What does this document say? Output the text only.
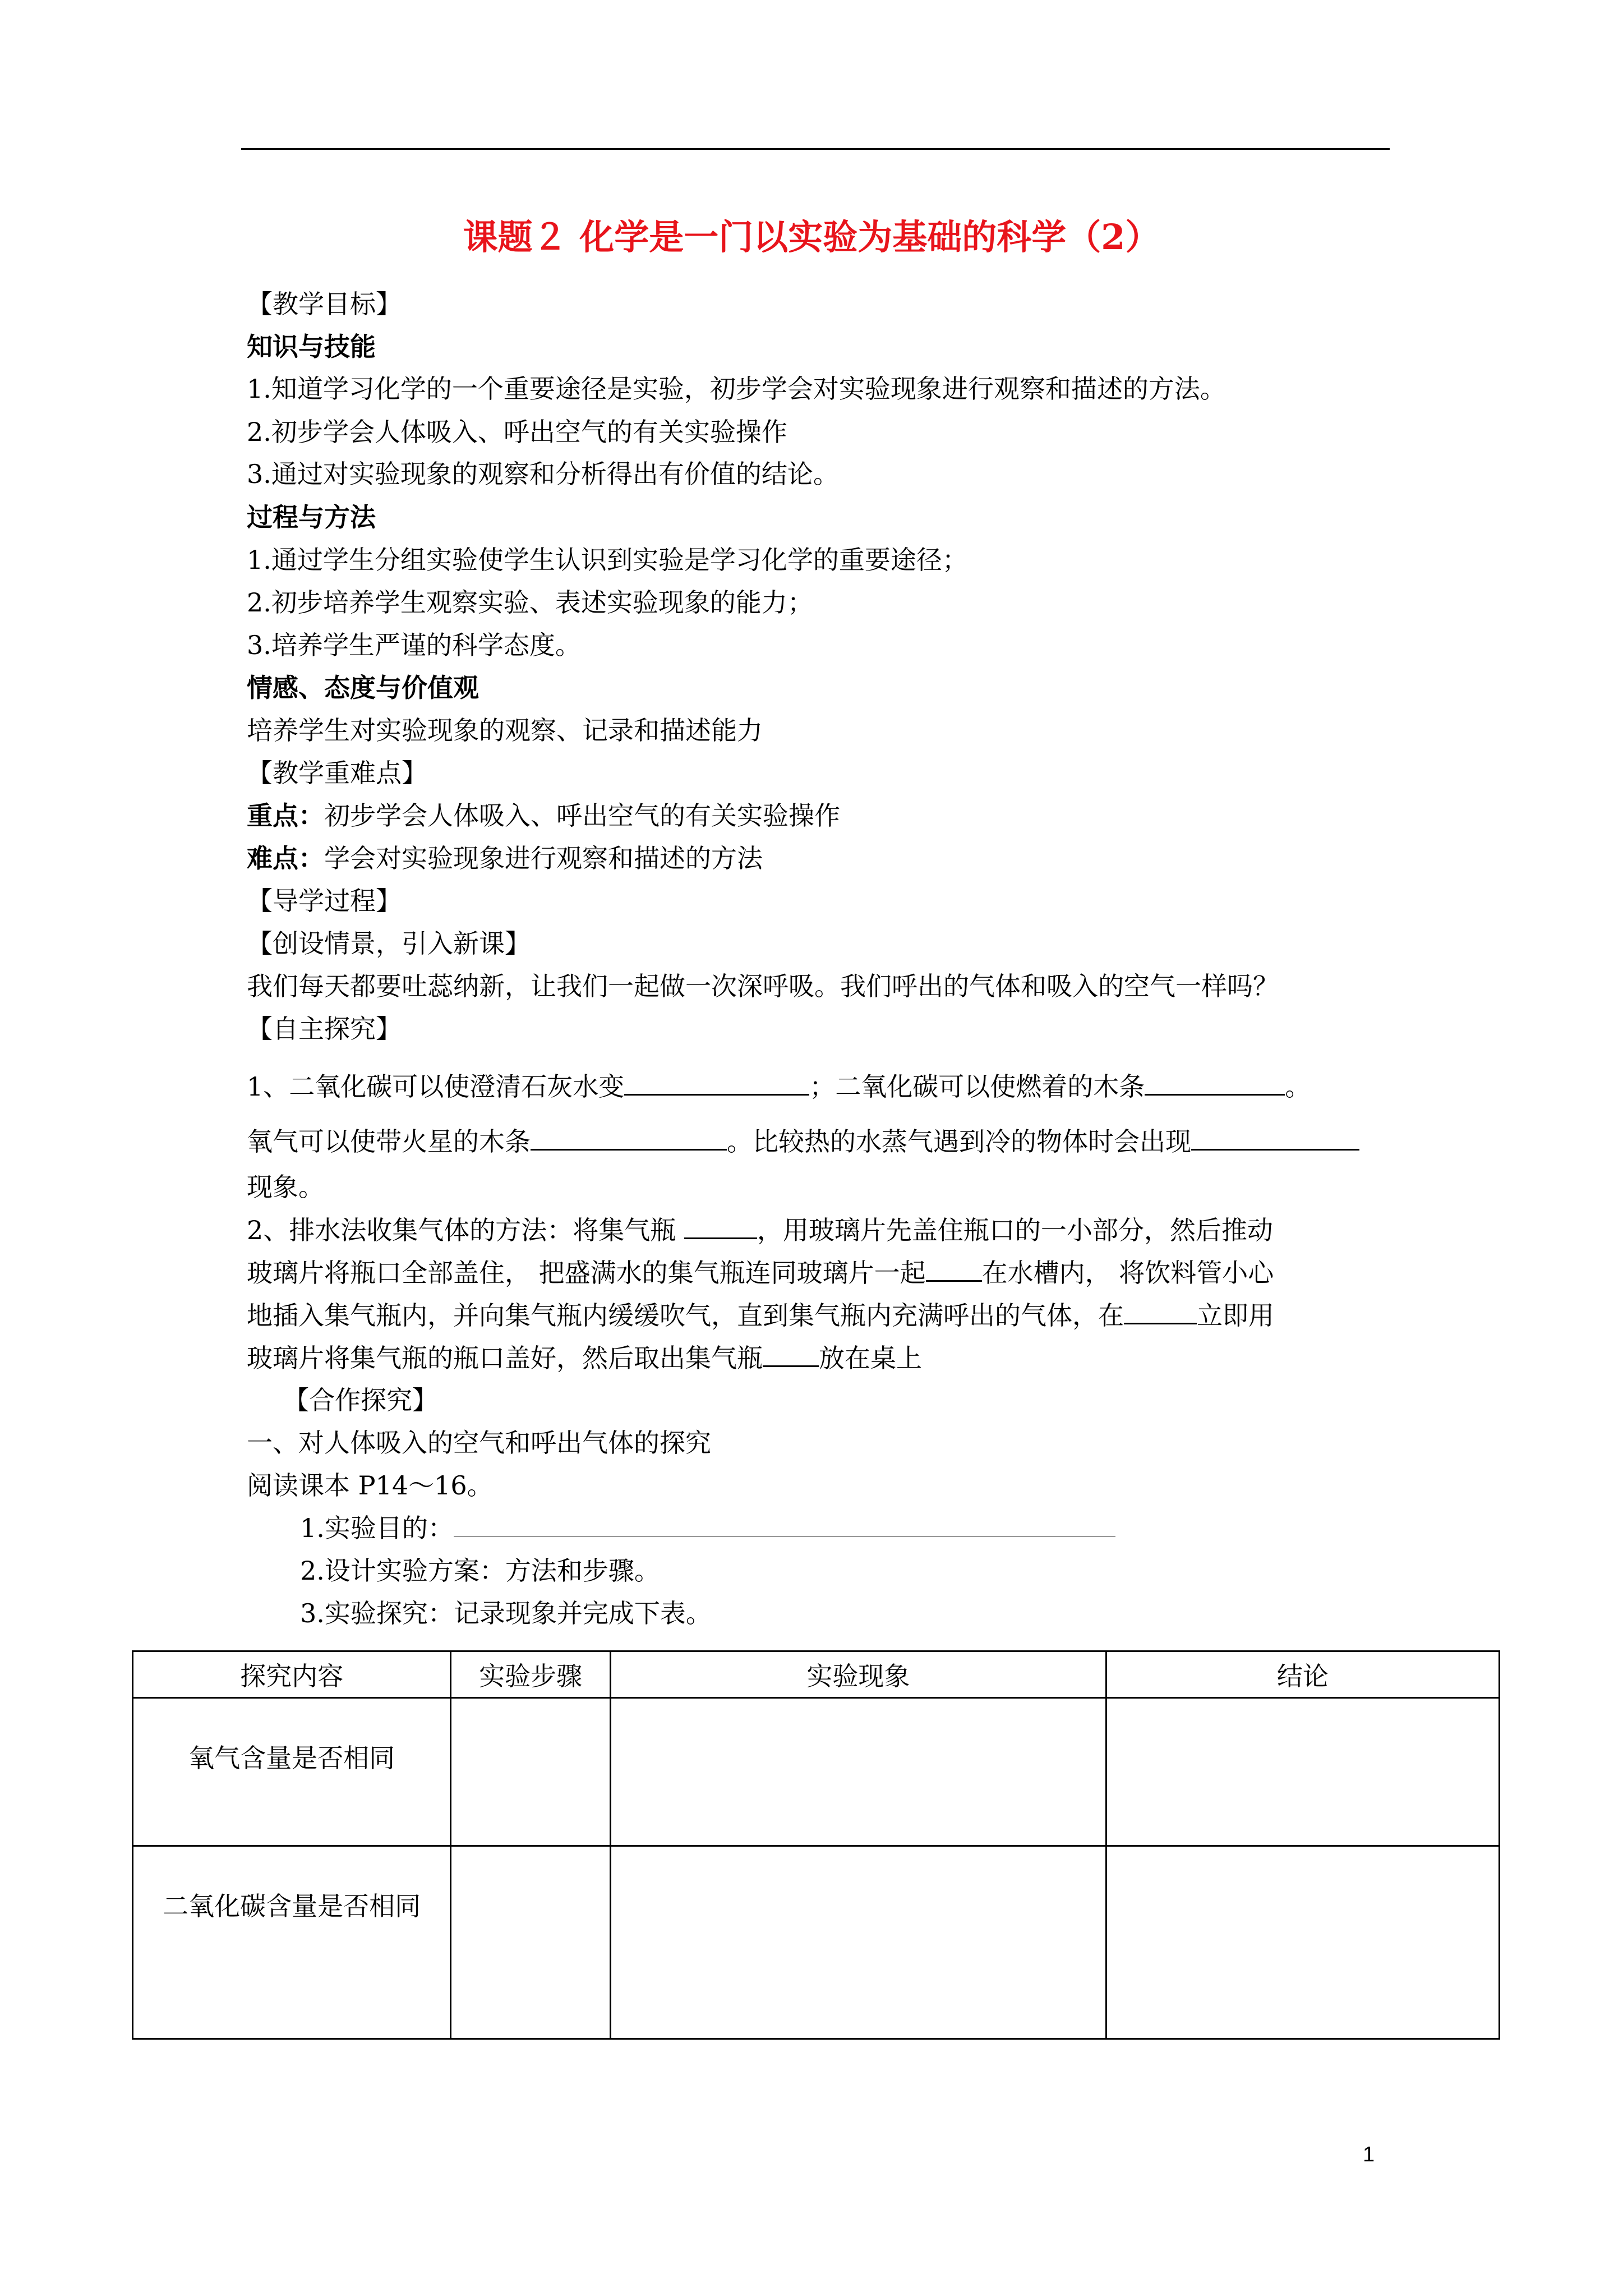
课题２ 化学是一门以实验为基础的科学（2）
【教学目标】
知识与技能
1.知道学习化学的一个重要途径是实验，初步学会对实验现象进行观察和描述的方法。
2.初步学会人体吸入、呼出空气的有关实验操作
3.通过对实验现象的观察和分析得出有价值的结论。
过程与方法
1.通过学生分组实验使学生认识到实验是学习化学的重要途径；
2.初步培养学生观察实验、表述实验现象的能力；
3.培养学生严谨的科学态度。
情感、态度与价值观
培养学生对实验现象的观察、记录和描述能力
【教学重难点】
重点：初步学会人体吸入、呼出空气的有关实验操作
难点：学会对实验现象进行观察和描述的方法
【导学过程】
【创设情景，引入新课】
我们每天都要吐蕊纳新，让我们一起做一次深呼吸。我们呼出的气体和吸入的空气一样吗？
【自主探究】
1、二氧化碳可以使澄清石灰水变	；二氧化碳可以使燃着的木条	。
氧气可以使带火星的木条	。比较热的水蒸气遇到冷的物体时会出现
现象。
2、排水法收集气体的方法：将集气瓶	，用玻璃片先盖住瓶口的一小部分，然后推动
玻璃片将瓶口全部盖住， 把盛满水的集气瓶连同玻璃片一起 在水槽内， 将饮料管小心
地插入集气瓶内，并向集气瓶内缓缓吹气，直到集气瓶内充满呼出的气体，在	立即用
玻璃片将集气瓶的瓶口盖好，然后取出集气瓶 放在桌上
【合作探究】
一、对人体吸入的空气和呼出气体的探究
阅读课本 P14～16。
1.实验目的：
2.设计实验方案：方法和步骤。
3.实验探究：记录现象并完成下表。
探究内容	实验步骤	实验现象	结论
氧气含量是否相同			
二氧化碳含量是否相同			
1
